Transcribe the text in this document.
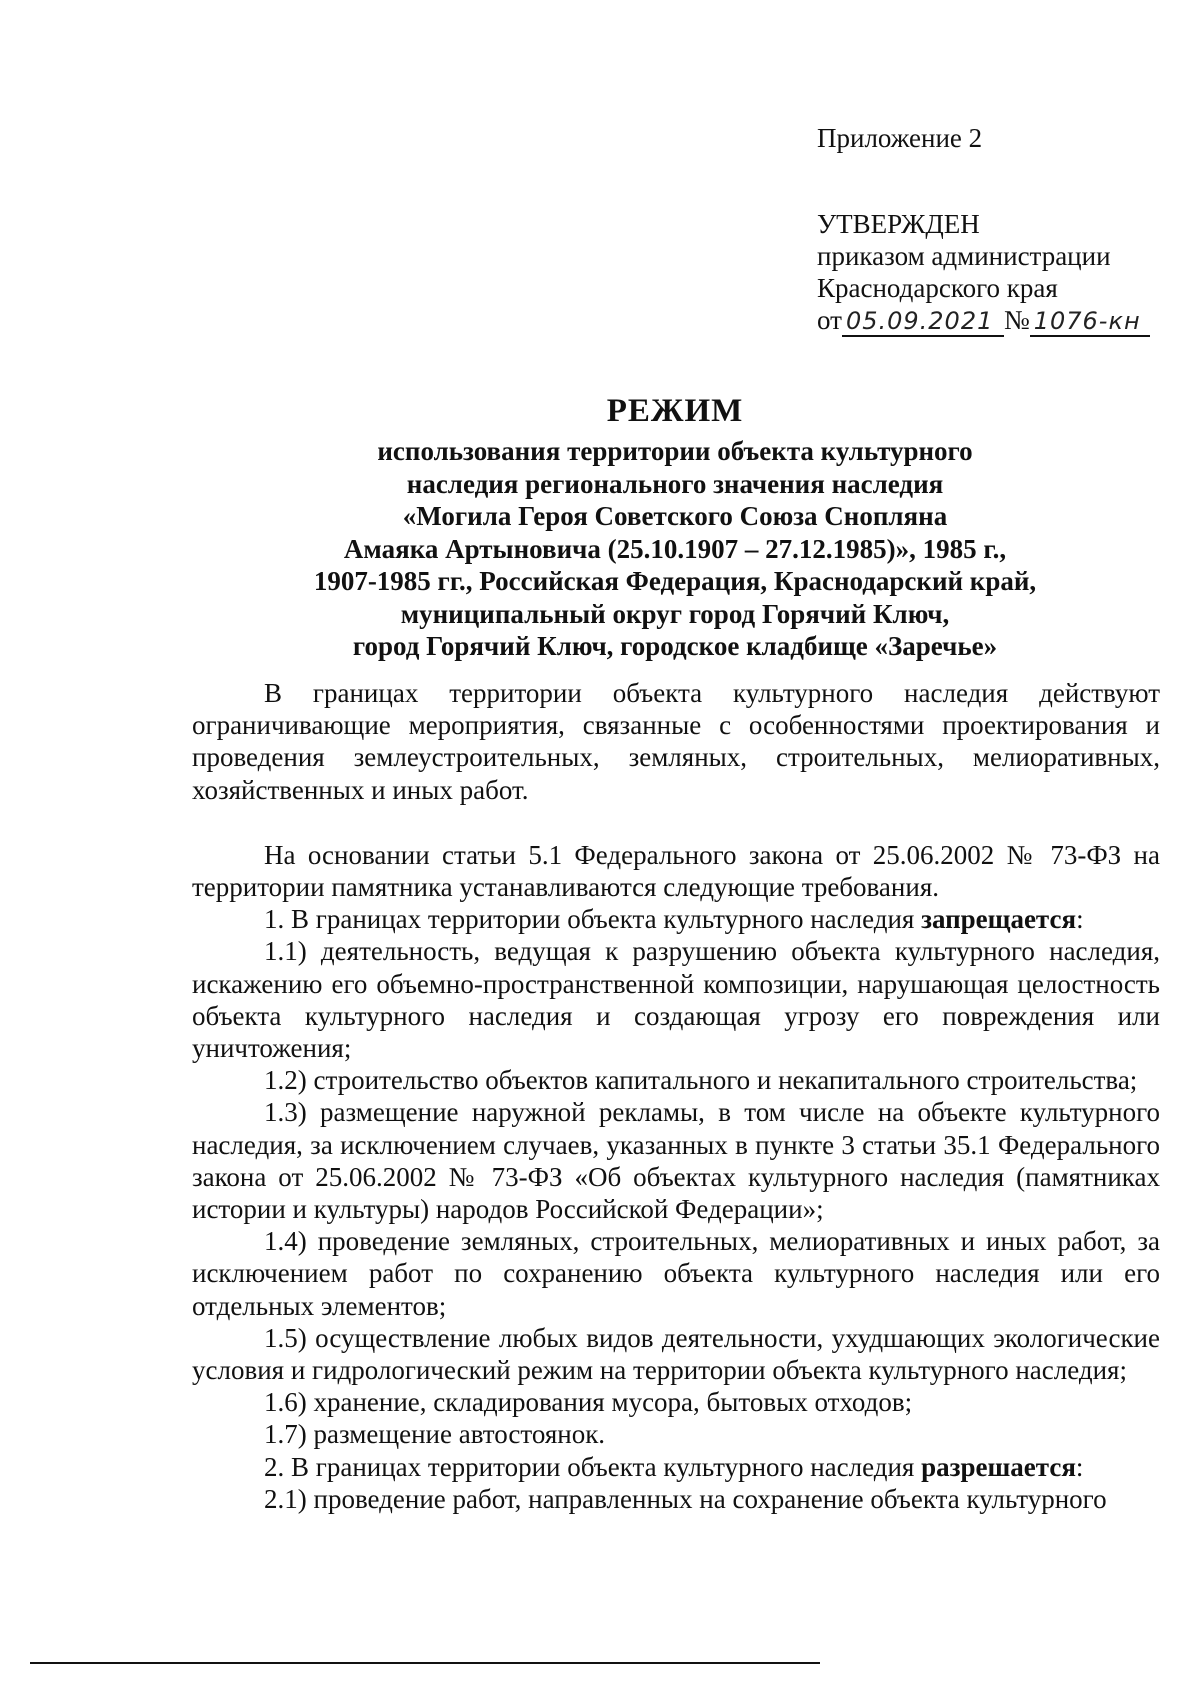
Приложение 2
УТВЕРЖДЕН
приказом администрации
Краснодарского края
от 05.09.2021 № 1076-кн
РЕЖИМ
использования территории объекта культурного
наследия регионального значения наследия
«Могила Героя Советского Союза Снопляна
Амаяка Артыновича (25.10.1907 – 27.12.1985)», 1985 г.,
1907-1985 гг., Российская Федерация, Краснодарский край,
муниципальный округ город Горячий Ключ,
город Горячий Ключ, городское кладбище «Заречье»

В границах территории объекта культурного наследия действуют ограничивающие мероприятия, связанные с особенностями проектирования и проведения землеустроительных, земляных, строительных, мелиоративных, хозяйственных и иных работ.

На основании статьи 5.1 Федерального закона от 25.06.2002 № 73-ФЗ на территории памятника устанавливаются следующие требования.

1. В границах территории объекта культурного наследия запрещается:

1.1) деятельность, ведущая к разрушению объекта культурного наследия, искажению его объемно-пространственной композиции, нарушающая целостность объекта культурного наследия и создающая угрозу его повреждения или уничтожения;

1.2) строительство объектов капитального и некапитального строительства;

1.3) размещение наружной рекламы, в том числе на объекте культурного наследия, за исключением случаев, указанных в пункте 3 статьи 35.1 Федерального закона от 25.06.2002 № 73-ФЗ «Об объектах культурного наследия (памятниках истории и культуры) народов Российской Федерации»;

1.4) проведение земляных, строительных, мелиоративных и иных работ, за исключением работ по сохранению объекта культурного наследия или его отдельных элементов;

1.5) осуществление любых видов деятельности, ухудшающих экологические условия и гидрологический режим на территории объекта культурного наследия;

1.6) хранение, складирования мусора, бытовых отходов;

1.7) размещение автостоянок.

2. В границах территории объекта культурного наследия разрешается:

2.1) проведение работ, направленных на сохранение объекта культурного
